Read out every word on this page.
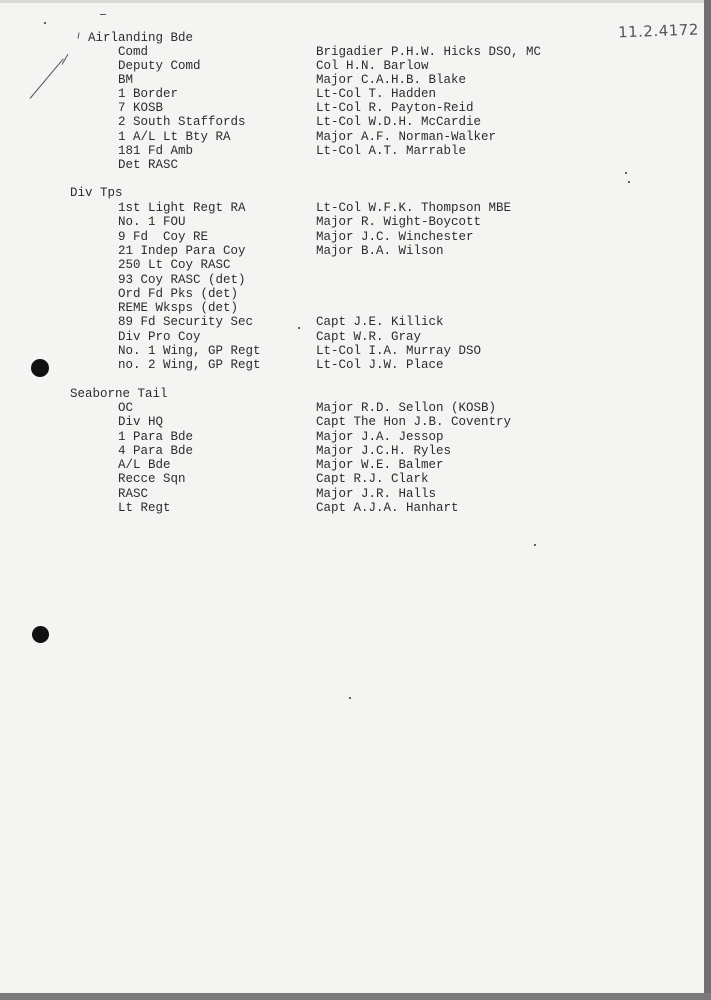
11.2.4172

Airlanding Bde

Comd	Brigadier P.H.W. Hicks DSO, MC
Deputy Comd	Col H.N. Barlow
BM	Major C.A.H.B. Blake
1 Border	Lt-Col T. Hadden
7 KOSB	Lt-Col R. Payton-Reid
2 South Staffords	Lt-Col W.D.H. McCardie
1 A/L Lt Bty RA	Major A.F. Norman-Walker
181 Fd Amb	Lt-Col A.T. Marrable
Det RASC

Div Tps

1st Light Regt RA	Lt-Col W.F.K. Thompson MBE
No. 1 FOU	Major R. Wight-Boycott
9 Fd  Coy RE	Major J.C. Winchester
21 Indep Para Coy	Major B.A. Wilson
250 Lt Coy RASC
93 Coy RASC (det)
Ord Fd Pks (det)
REME Wksps (det)
89 Fd Security Sec	Capt J.E. Killick
Div Pro Coy	Capt W.R. Gray
No. 1 Wing, GP Regt	Lt-Col I.A. Murray DSO
no. 2 Wing, GP Regt	Lt-Col J.W. Place

Seaborne Tail

OC	Major R.D. Sellon (KOSB)
Div HQ	Capt The Hon J.B. Coventry
1 Para Bde	Major J.A. Jessop
4 Para Bde	Major J.C.H. Ryles
A/L Bde	Major W.E. Balmer
Recce Sqn	Capt R.J. Clark
RASC	Major J.R. Halls
Lt Regt	Capt A.J.A. Hanhart
